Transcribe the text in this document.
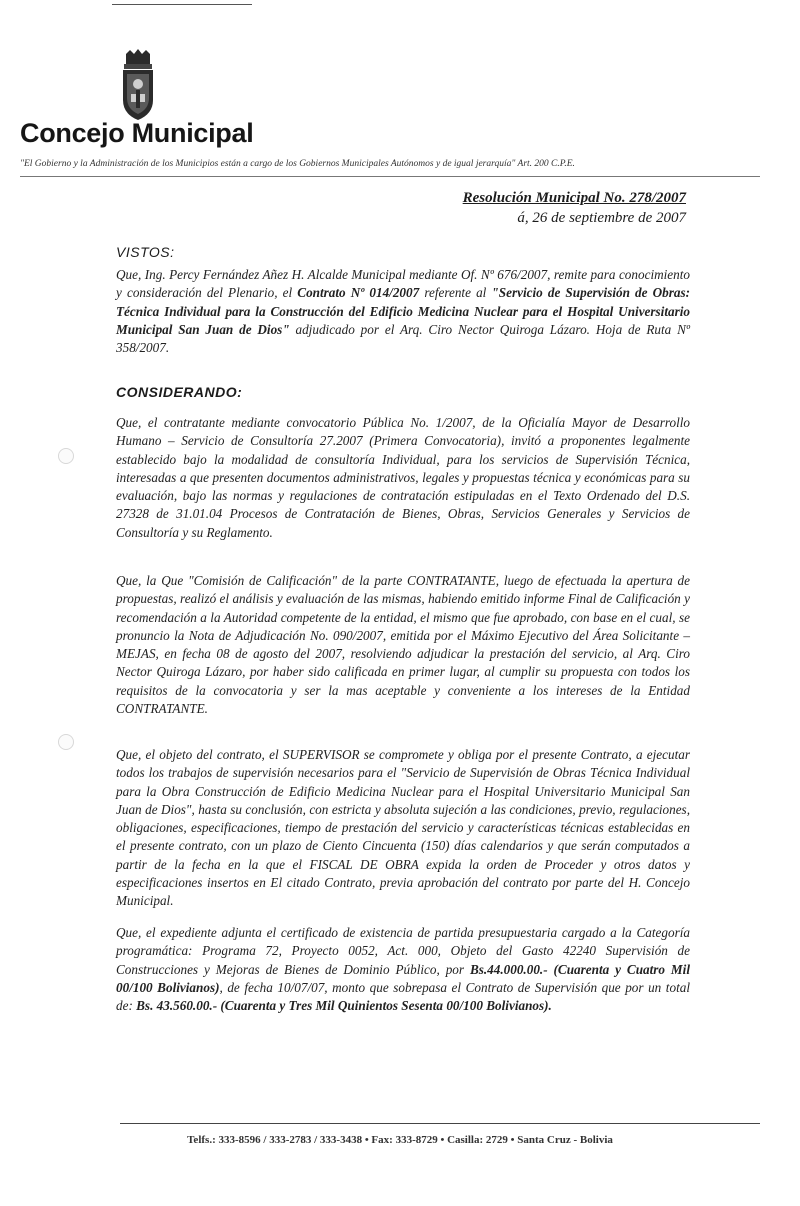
Concejo Municipal
"El Gobierno y la Administración de los Municipios están a cargo de los Gobiernos Municipales Autónomos y de igual jerarquía" Art. 200 C.P.E.
Resolución Municipal No. 278/2007
á, 26 de septiembre de 2007
VISTOS:
Que, Ing. Percy Fernández Añez H. Alcalde Municipal mediante Of. Nº 676/2007, remite para conocimiento y consideración del Plenario, el Contrato Nº 014/2007 referente al "Servicio de Supervisión de Obras: Técnica Individual para la Construcción del Edificio Medicina Nuclear para el Hospital Universitario Municipal San Juan de Dios" adjudicado por el Arq. Ciro Nector Quiroga Lázaro. Hoja de Ruta Nº 358/2007.
CONSIDERANDO:
Que, el contratante mediante convocatorio Pública No. 1/2007, de la Oficialía Mayor de Desarrollo Humano – Servicio de Consultoría 27.2007 (Primera Convocatoria), invitó a proponentes legalmente establecido bajo la modalidad de consultoría Individual, para los servicios de Supervisión Técnica, interesadas a que presenten documentos administrativos, legales y propuestas técnica y económicas para su evaluación, bajo las normas y regulaciones de contratación estipuladas en el Texto Ordenado del D.S. 27328 de 31.01.04 Procesos de Contratación de Bienes, Obras, Servicios Generales y Servicios de Consultoría y su Reglamento.
Que, la Que "Comisión de Calificación" de la parte CONTRATANTE, luego de efectuada la apertura de propuestas, realizó el análisis y evaluación de las mismas, habiendo emitido informe Final de Calificación y recomendación a la Autoridad competente de la entidad, el mismo que fue aprobado, con base en el cual, se pronuncio la Nota de Adjudicación No. 090/2007, emitida por el Máximo Ejecutivo del Área Solicitante – MEJAS, en fecha 08 de agosto del 2007, resolviendo adjudicar la prestación del servicio, al Arq. Ciro Nector Quiroga Lázaro, por haber sido calificada en primer lugar, al cumplir su propuesta con todos los requisitos de la convocatoria y ser la mas aceptable y conveniente a los intereses de la Entidad CONTRATANTE.
Que, el objeto del contrato, el SUPERVISOR se compromete y obliga por el presente Contrato, a ejecutar todos los trabajos de supervisión necesarios para el "Servicio de Supervisión de Obras Técnica Individual para la Obra Construcción de Edificio Medicina Nuclear para el Hospital Universitario Municipal San Juan de Dios", hasta su conclusión, con estricta y absoluta sujeción a las condiciones, previo, regulaciones, obligaciones, especificaciones, tiempo de prestación del servicio y características técnicas establecidas en el presente contrato, con un plazo de Ciento Cincuenta (150) días calendarios y que serán computados a partir de la fecha en la que el FISCAL DE OBRA expida la orden de Proceder y otros datos y especificaciones insertos en El citado Contrato, previa aprobación del contrato por parte del H. Concejo Municipal.
Que, el expediente adjunta el certificado de existencia de partida presupuestaria cargado a la Categoría programática: Programa 72, Proyecto 0052, Act. 000, Objeto del Gasto 42240 Supervisión de Construcciones y Mejoras de Bienes de Dominio Público, por Bs.44.000.00.- (Cuarenta y Cuatro Mil 00/100 Bolivianos), de fecha 10/07/07, monto que sobrepasa el Contrato de Supervisión que por un total de: Bs. 43.560.00.- (Cuarenta y Tres Mil Quinientos Sesenta 00/100 Bolivianos).
Telfs.: 333-8596 / 333-2783 / 333-3438 • Fax: 333-8729 • Casilla: 2729 • Santa Cruz - Bolivia
